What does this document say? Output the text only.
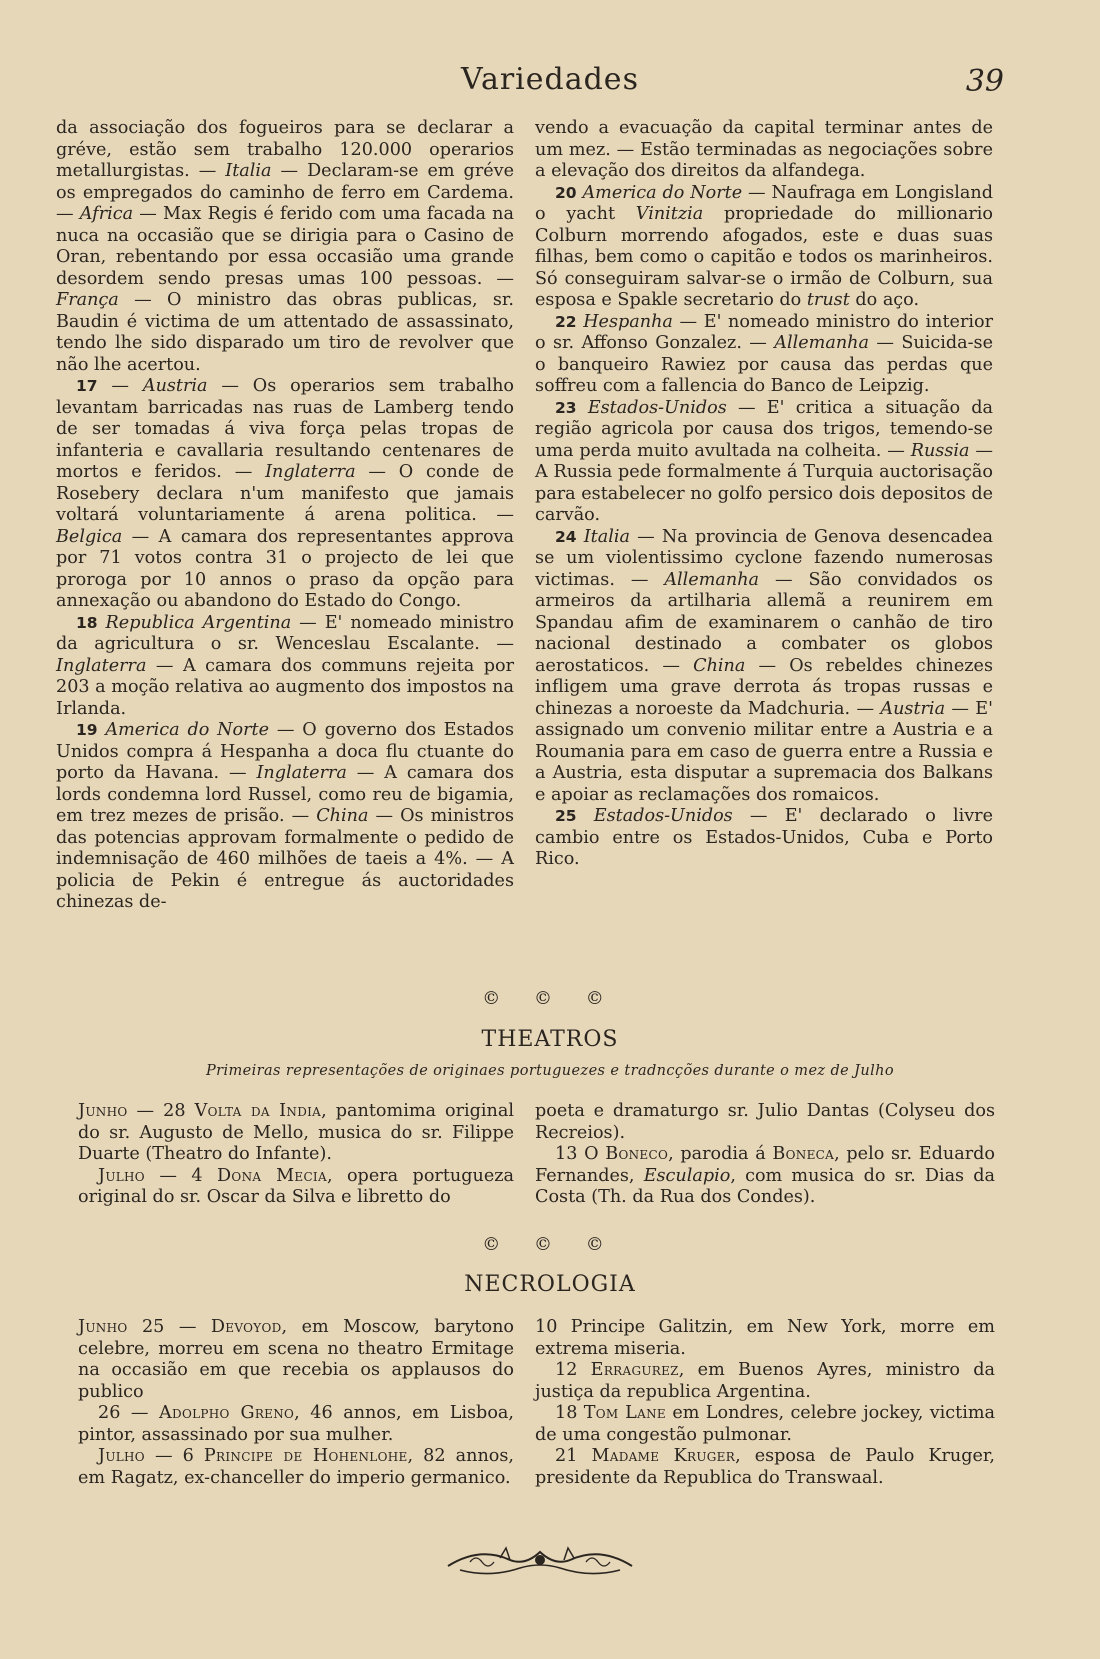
Variedades	39

da associação dos fogueiros para se declarar a gréve, estão sem trabalho 120.000 operarios metallurgistas. — Italia — Declaram-se em gréve os empregados do caminho de ferro em Cardema. — Africa — Max Regis é ferido com uma facada na nuca na occasião que se dirigia para o Casino de Oran, rebentando por essa occasião uma grande desordem sendo presas umas 100 pessoas. — França — O ministro das obras publicas, sr. Baudin é victima de um attentado de assassinato, tendo lhe sido disparado um tiro de revolver que não lhe acertou.

17 — Austria — Os operarios sem trabalho levantam barricadas nas ruas de Lamberg tendo de ser tomadas á viva força pelas tropas de infanteria e cavallaria resultando centenares de mortos e feridos. — Inglaterra — O conde de Rosebery declara n'um manifesto que jamais voltará voluntariamente á arena politica. — Belgica — A camara dos representantes approva por 71 votos contra 31 o projecto de lei que proroga por 10 annos o praso da opção para annexação ou abandono do Estado do Congo.

18 Republica Argentina — E' nomeado ministro da agricultura o sr. Wenceslau Escalante. — Inglaterra — A camara dos communs rejeita por 203 a moção relativa ao augmento dos impostos na Irlanda.

19 America do Norte — O governo dos Estados Unidos compra á Hespanha a doca flu ctuante do porto da Havana. — Inglaterra — A camara dos lords condemna lord Russel, como reu de bigamia, em trez mezes de prisão. — China — Os ministros das potencias approvam formalmente o pedido de indemnisação de 460 milhões de taeis a 4%. — A policia de Pekin é entregue ás auctoridades chinezas de-

vendo a evacuação da capital terminar antes de um mez. — Estão terminadas as negociações sobre a elevação dos direitos da alfandega.

20 America do Norte — Naufraga em Longisland o yacht Vinitzia propriedade do millionario Colburn morrendo afogados, este e duas suas filhas, bem como o capitão e todos os marinheiros. Só conseguiram salvar-se o irmão de Colburn, sua esposa e Spakle secretario do trust do aço.

22 Hespanha — E' nomeado ministro do interior o sr. Affonso Gonzalez. — Allemanha — Suicida-se o banqueiro Rawiez por causa das perdas que soffreu com a fallencia do Banco de Leipzig.

23 Estados-Unidos — E' critica a situação da região agricola por causa dos trigos, temendo-se uma perda muito avultada na colheita. — Russia — A Russia pede formalmente á Turquia auctorisação para estabelecer no golfo persico dois depositos de carvão.

24 Italia — Na provincia de Genova desencadea se um violentissimo cyclone fazendo numerosas victimas. — Allemanha — São convidados os armeiros da artilharia allemã a reunirem em Spandau afim de examinarem o canhão de tiro nacional destinado a combater os globos aerostaticos. — China — Os rebeldes chinezes infligem uma grave derrota ás tropas russas e chinezas a noroeste da Madchuria. — Austria — E' assignado um convenio militar entre a Austria e a Roumania para em caso de guerra entre a Russia e a Austria, esta disputar a supremacia dos Balkans e apoiar as reclamações dos romaicos.

25 Estados-Unidos — E' declarado o livre cambio entre os Estados-Unidos, Cuba e Porto Rico.

© © ©
THEATROS
Primeiras representações de originaes portuguezes e tradncções durante o mez de Julho

Junho — 28 Volta da India, pantomima original do sr. Augusto de Mello, musica do sr. Filippe Duarte (Theatro do Infante).

Julho — 4 Dona Mecia, opera portugueza original do sr. Oscar da Silva e libretto do

poeta e dramaturgo sr. Julio Dantas (Colyseu dos Recreios).

13 O Boneco, parodia á Boneca, pelo sr. Eduardo Fernandes, Esculapio, com musica do sr. Dias da Costa (Th. da Rua dos Condes).

© © ©
NECROLOGIA

Junho 25 — Devoyod, em Moscow, barytono celebre, morreu em scena no theatro Ermitage na occasião em que recebia os applausos do publico

26 — Adolpho Greno, 46 annos, em Lisboa, pintor, assassinado por sua mulher.

Julho — 6 Principe de Hohenlohe, 82 annos, em Ragatz, ex-chanceller do imperio germanico.

10 Principe Galitzin, em New York, morre em extrema miseria.

12 Erragurez, em Buenos Ayres, ministro da justiça da republica Argentina.

18 Tom Lane em Londres, celebre jockey, victima de uma congestão pulmonar.

21 Madame Kruger, esposa de Paulo Kruger, presidente da Republica do Transwaal.
